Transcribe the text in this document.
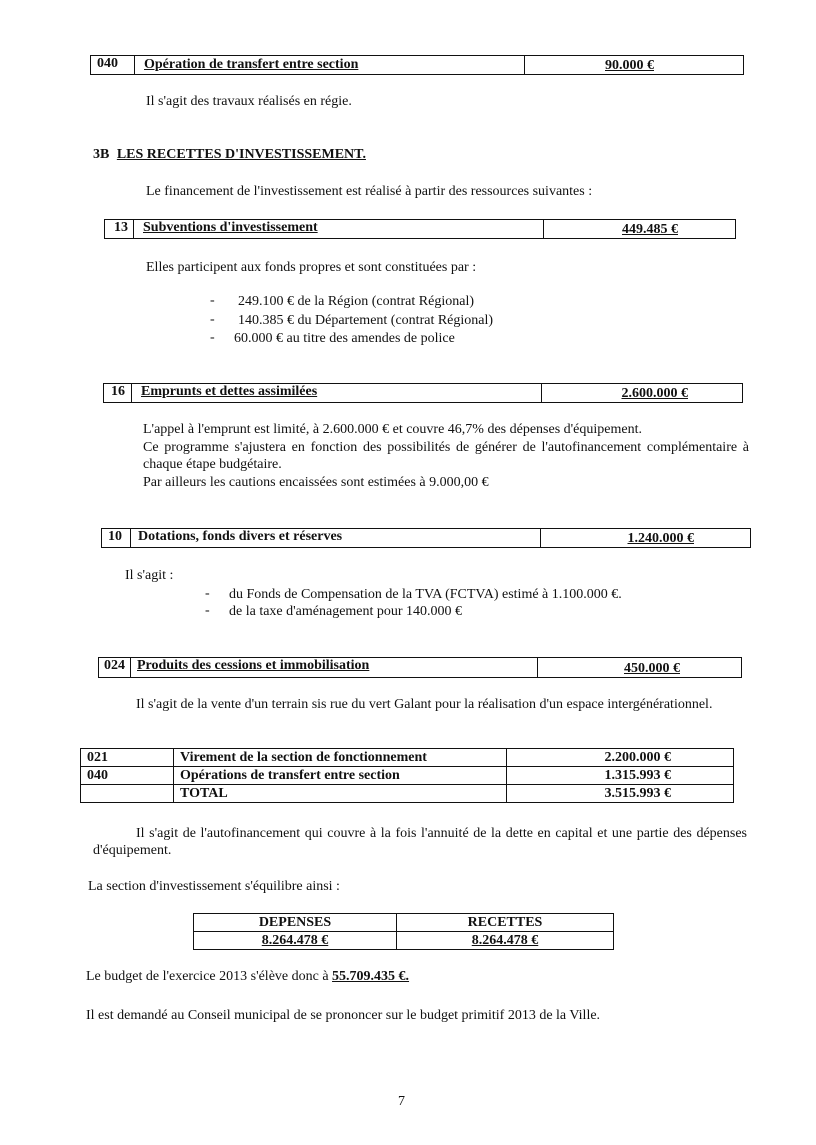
040 Opération de transfert entre section	90.000 €
Il s'agit des travaux réalisés en régie.
3B LES RECETTES D'INVESTISSEMENT.
Le financement de l'investissement est réalisé à partir des ressources suivantes :
13 Subventions d'investissement	449.485 €
Elles participent aux fonds propres et sont constituées par :
- 249.100 € de la Région (contrat Régional)
- 140.385 € du Département (contrat Régional)
- 60.000 € au titre des amendes de police
16 Emprunts et dettes assimilées	2.600.000 €
L'appel à l'emprunt est limité, à 2.600.000 € et couvre 46,7% des dépenses d'équipement.
Ce programme s'ajustera en fonction des possibilités de générer de l'autofinancement complémentaire à chaque étape budgétaire.
Par ailleurs les cautions encaissées sont estimées à 9.000,00 €
10 Dotations, fonds divers et réserves	1.240.000 €
Il s'agit :
- du Fonds de Compensation de la TVA (FCTVA) estimé à 1.100.000 €.
- de la taxe d'aménagement pour 140.000 €
024 Produits des cessions et immobilisation	450.000 €
Il s'agit de la vente d'un terrain sis rue du vert Galant pour la réalisation d'un espace intergénérationnel.
021	Virement de la section de fonctionnement	2.200.000 €
040	Opérations de transfert entre section	1.315.993 €
	TOTAL	3.515.993 €
Il s'agit de l'autofinancement qui couvre à la fois l'annuité de la dette en capital et une partie des dépenses d'équipement.
La section d'investissement s'équilibre ainsi :
DEPENSES	RECETTES
8.264.478 €	8.264.478 €
Le budget de l'exercice 2013 s'élève donc à 55.709.435 €.
Il est demandé au Conseil municipal de se prononcer sur le budget primitif 2013 de la Ville.
7
